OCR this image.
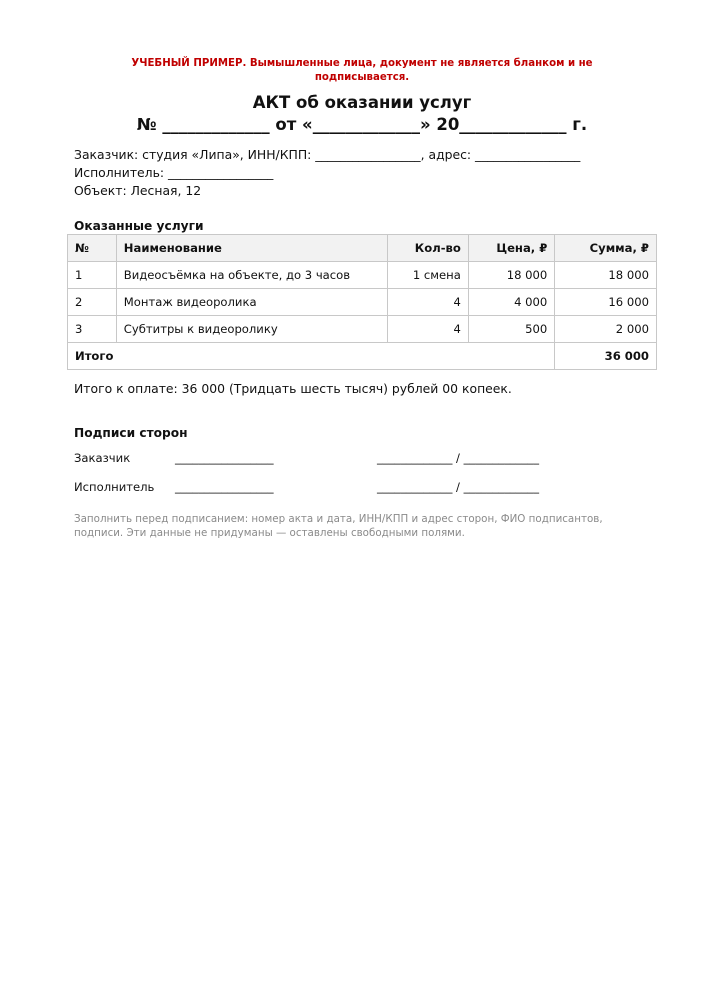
УЧЕБНЫЙ ПРИМЕР. Вымышленные лица, документ не является бланком и не подписывается.
АКТ об оказании услуг
№ _____________ от «_____________» 20_____________ г.
Заказчик: студия «Липа», ИНН/КПП: _________________, адрес: _________________
Исполнитель: _________________
Объект: Лесная, 12
Оказанные услуги
№	Наименование	Кол-во	Цена, ₽	Сумма, ₽
1	Видеосъёмка на объекте, до 3 часов	1 смена	18 000	18 000
2	Монтаж видеоролика	4	4 000	16 000
3	Субтитры к видеоролику	4	500	2 000
Итого				36 000
Итого к оплате: 36 000 (Тридцать шесть тысяч) рублей 00 копеек.
Подписи сторон
Заказчик	_________________	_____________ / _____________
Исполнитель _________________	_____________ / _____________
Заполнить перед подписанием: номер акта и дата, ИНН/КПП и адрес сторон, ФИО подписантов, подписи. Эти данные не придуманы — оставлены свободными полями.
